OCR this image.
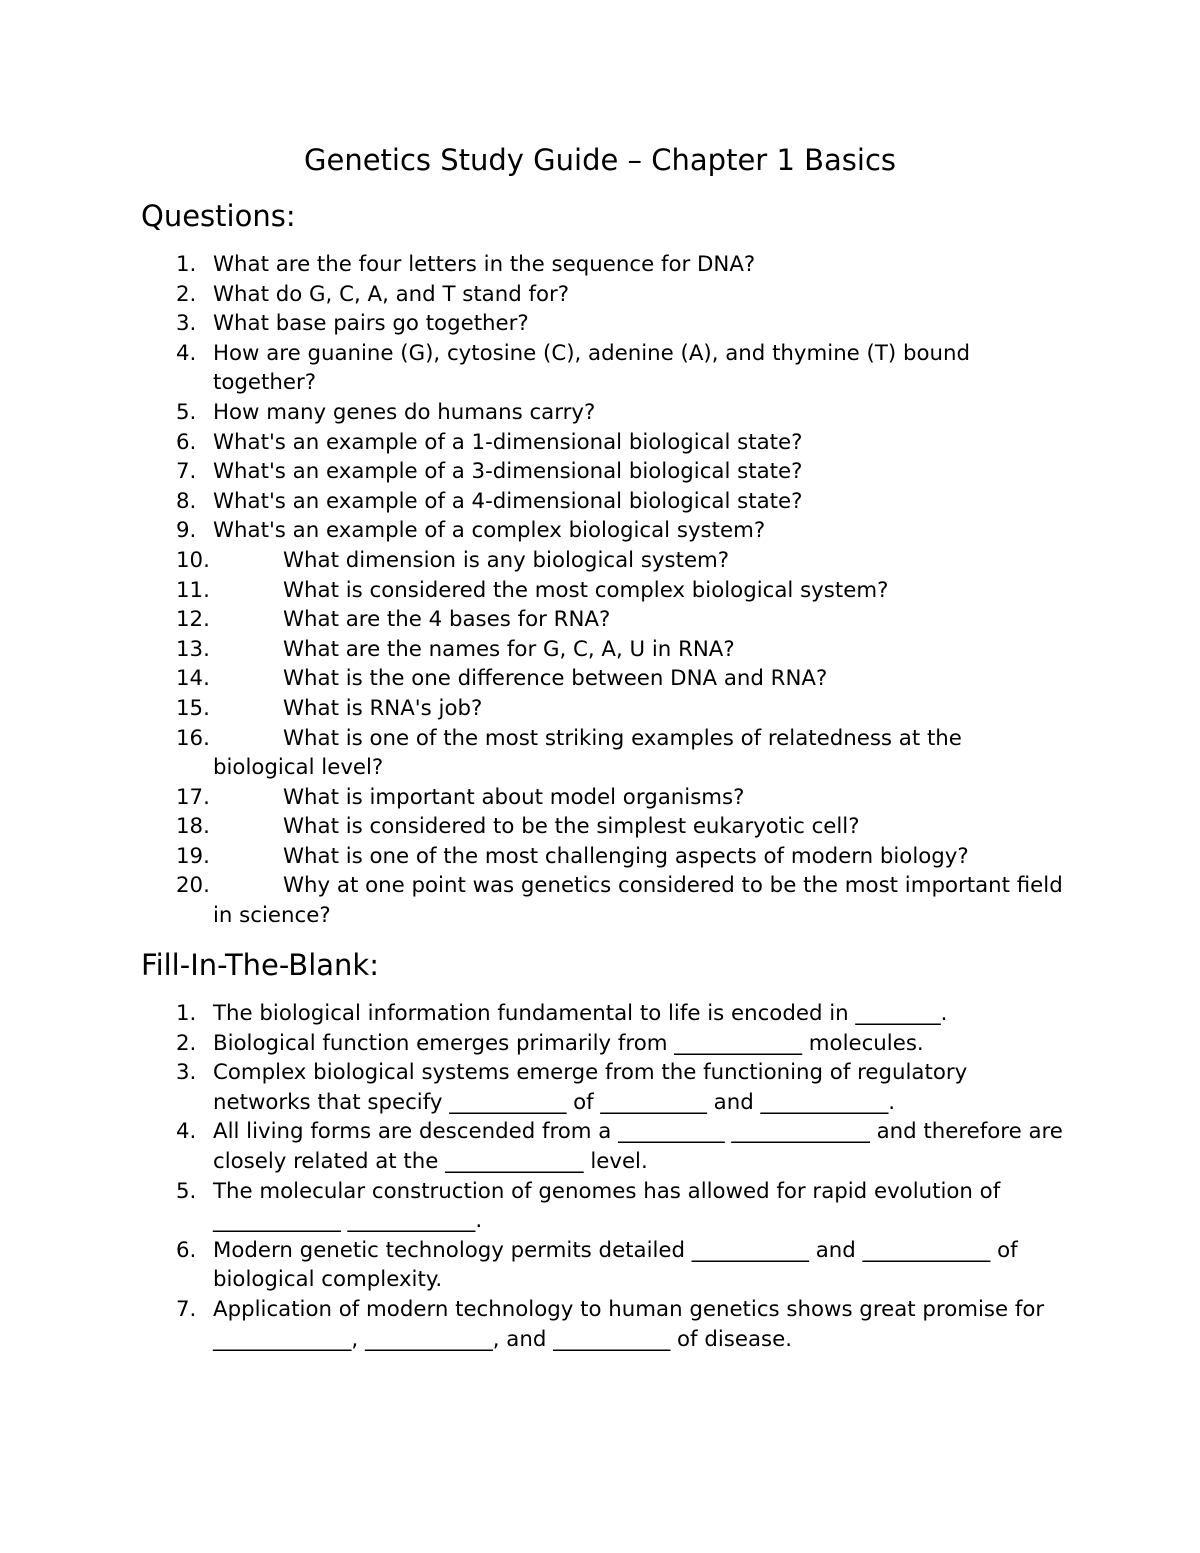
Genetics Study Guide – Chapter 1 Basics
Questions:
1. What are the four letters in the sequence for DNA?
2. What do G, C, A, and T stand for?
3. What base pairs go together?
4. How are guanine (G), cytosine (C), adenine (A), and thymine (T) bound together?
5. How many genes do humans carry?
6. What's an example of a 1-dimensional biological state?
7. What's an example of a 3-dimensional biological state?
8. What's an example of a 4-dimensional biological state?
9. What's an example of a complex biological system?
10.	What dimension is any biological system?
11.	What is considered the most complex biological system?
12.	What are the 4 bases for RNA?
13.	What are the names for G, C, A, U in RNA?
14.	What is the one difference between DNA and RNA?
15.	What is RNA's job?
16.	What is one of the most striking examples of relatedness at the biological level?
17.	What is important about model organisms?
18.	What is considered to be the simplest eukaryotic cell?
19.	What is one of the most challenging aspects of modern biology?
20.	Why at one point was genetics considered to be the most important field in science?
Fill-In-The-Blank:
1. The biological information fundamental to life is encoded in ________.
2. Biological function emerges primarily from ____________ molecules.
3. Complex biological systems emerge from the functioning of regulatory networks that specify ___________ of __________ and ____________.
4. All living forms are descended from a __________ _____________ and therefore are closely related at the _____________ level.
5. The molecular construction of genomes has allowed for rapid evolution of ____________ ____________.
6. Modern genetic technology permits detailed ___________ and ____________ of biological complexity.
7. Application of modern technology to human genetics shows great promise for _____________, ____________, and ___________ of disease.
